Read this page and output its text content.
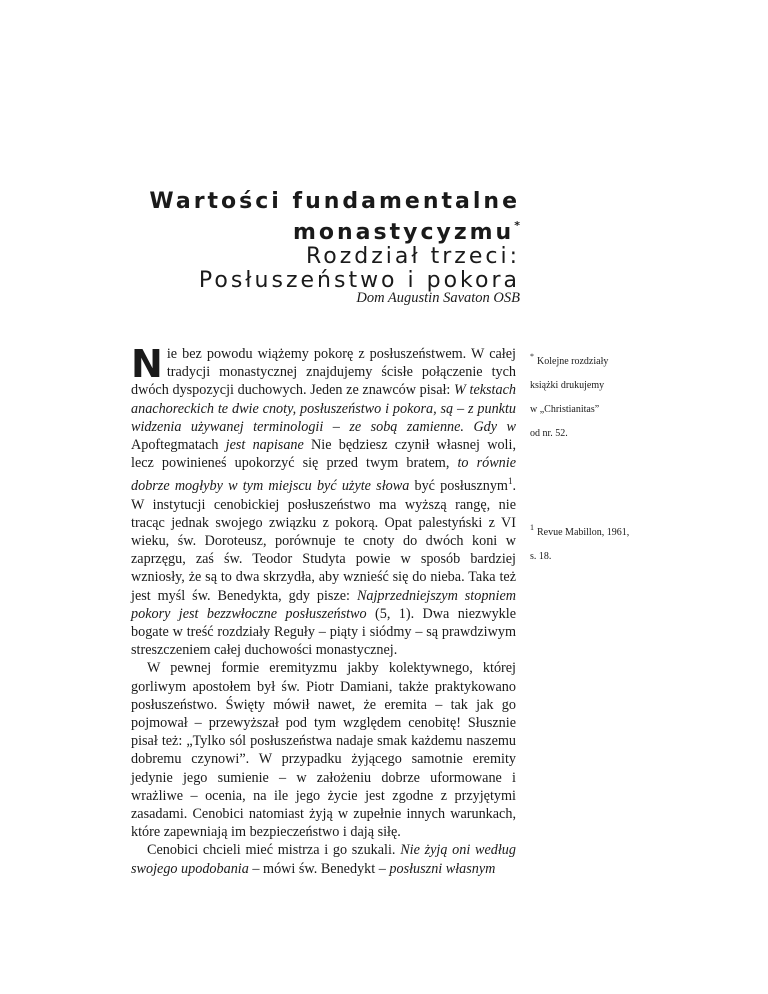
Wartości fundamentalne

monastycyzmu*

Rozdział trzeci:

Posłuszeństwo i pokora

Dom Augustin Savaton OSB

Nie bez powodu wiążemy pokorę z posłuszeństwem. W całej tradycji monastycznej znajdujemy ścisłe połączenie tych dwóch dyspozycji duchowych. Jeden ze znawców pisał: W tekstach anachoreckich te dwie cnoty, posłuszeństwo i pokora, są – z punktu widzenia używanej terminologii – ze sobą zamienne. Gdy w Apoftegmatach jest napisane Nie będziesz czynił własnej woli, lecz powinieneś upokorzyć się przed twym bratem, to równie dobrze mogłyby w tym miejscu być użyte słowa być posłusznym$^1$. W instytucji cenobickiej posłuszeństwo ma wyższą rangę, nie tracąc jednak swojego związku z pokorą. Opat palestyński z VI wieku, św. Doroteusz, porównuje te cnoty do dwóch koni w zaprzęgu, zaś św. Teodor Studyta powie w sposób bardziej wzniosły, że są to dwa skrzydła, aby wznieść się do nieba. Taka też jest myśl św. Benedykta, gdy pisze: Najprzedniejszym stopniem pokory jest bezzwłoczne posłuszeństwo (5, 1). Dwa niezwykle bogate w treść rozdziały Reguły – piąty i siódmy – są prawdziwym streszczeniem całej duchowości monastycznej.

W pewnej formie eremityzmu jakby kolektywnego, której gorliwym apostołem był św. Piotr Damiani, także praktykowano posłuszeństwo. Święty mówił nawet, że eremita – tak jak go pojmował – przewyższał pod tym względem cenobitę! Słusznie pisał też: „Tylko sól posłuszeństwa nadaje smak każdemu naszemu dobremu czynowi”. W przypadku żyjącego samotnie eremity jedynie jego sumienie – w założeniu dobrze uformowane i wrażliwe – ocenia, na ile jego życie jest zgodne z przyjętymi zasadami. Cenobici natomiast żyją w zupełnie innych warunkach, które zapewniają im bezpieczeństwo i dają siłę.

Cenobici chcieli mieć mistrza i go szukali. Nie żyją oni według swojego upodobania – mówi św. Benedykt – posłuszni własnym

* Kolejne rozdziały

książki drukujemy

w „Christianitas”

od nr. 52.

$^1$ Revue Mabillon, 1961,

s. 18.
